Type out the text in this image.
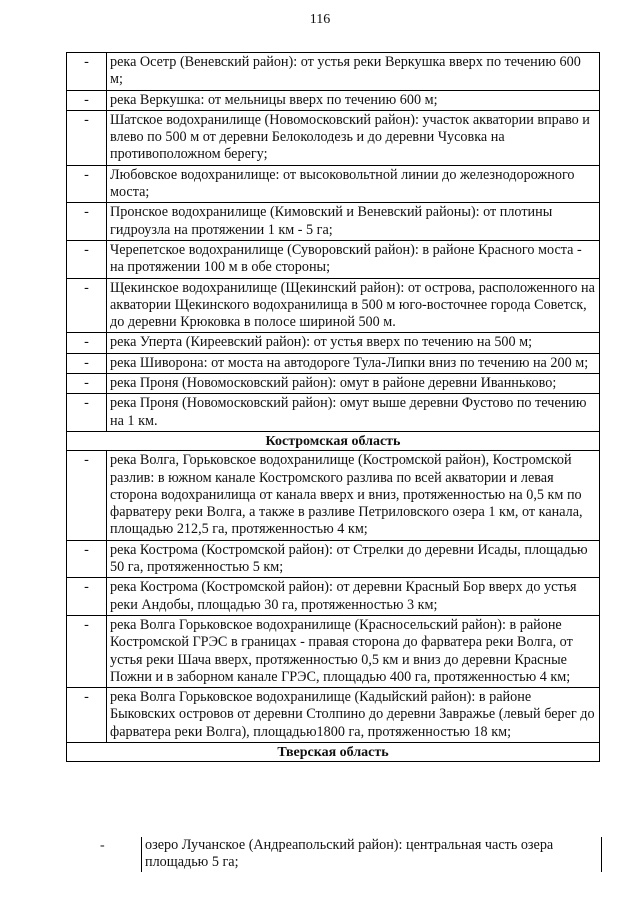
116
-	река Осетр (Веневский район): от устья реки Веркушка вверх по течению 600 м;
-	река Веркушка: от мельницы вверх по течению 600 м;
-	Шатское водохранилище (Новомосковский район): участок акватории вправо и влево по 500 м от деревни Белоколодезь и до деревни Чусовка на противоположном берегу;
-	Любовское водохранилище: от высоковольтной линии до железнодорожного моста;
-	Пронское водохранилище (Кимовский и Веневский районы): от плотины гидроузла на протяжении 1 км - 5 га;
-	Черепетское водохранилище (Суворовский район): в районе Красного моста - на протяжении 100 м в обе стороны;
-	Щекинское водохранилище (Щекинский район): от острова, расположенного на акватории Щекинского водохранилища в 500 м юго-восточнее города Советск, до деревни Крюковка в полосе шириной 500 м.
-	река Уперта (Киреевский район): от устья вверх по течению на 500 м;
-	река Шиворона: от моста на автодороге Тула-Липки вниз по течению на 200 м;
-	река Проня (Новомосковский район): омут в районе деревни Иванньково;
-	река Проня (Новомосковский район): омут выше деревни Фустово по течению на 1 км.
Костромская область	
-	река Волга, Горьковское водохранилище (Костромской район), Костромской разлив: в южном канале Костромского разлива по всей акватории и левая сторона водохранилища от канала вверх и вниз, протяженностью на 0,5 км по фарватеру реки Волга, а также в разливе Петриловского озера 1 км, от канала, площадью 212,5 га, протяженностью 4 км;
-	река Кострома (Костромской район): от Стрелки до деревни Исады, площадью 50 га, протяженностью 5 км;
-	река Кострома (Костромской район): от деревни Красный Бор вверх до устья реки Андобы, площадью 30 га, протяженностью 3 км;
-	река Волга Горьковское водохранилище (Красносельский район): в районе Костромской ГРЭС в границах - правая сторона до фарватера реки Волга, от устья реки Шача вверх, протяженностью 0,5 км и вниз до деревни Красные Пожни и в заборном канале ГРЭС, площадью 400 га, протяженностью 4 км;
-	река Волга Горьковское водохранилище (Кадыйский район): в районе Быковских островов от деревни Столпино до деревни Завражье (левый берег до фарватера реки Волга), площадью1800 га, протяженностью 18 км;
Тверская область	
-	озеро Лучанское (Андреапольский район): центральная часть озера площадью 5 га;
